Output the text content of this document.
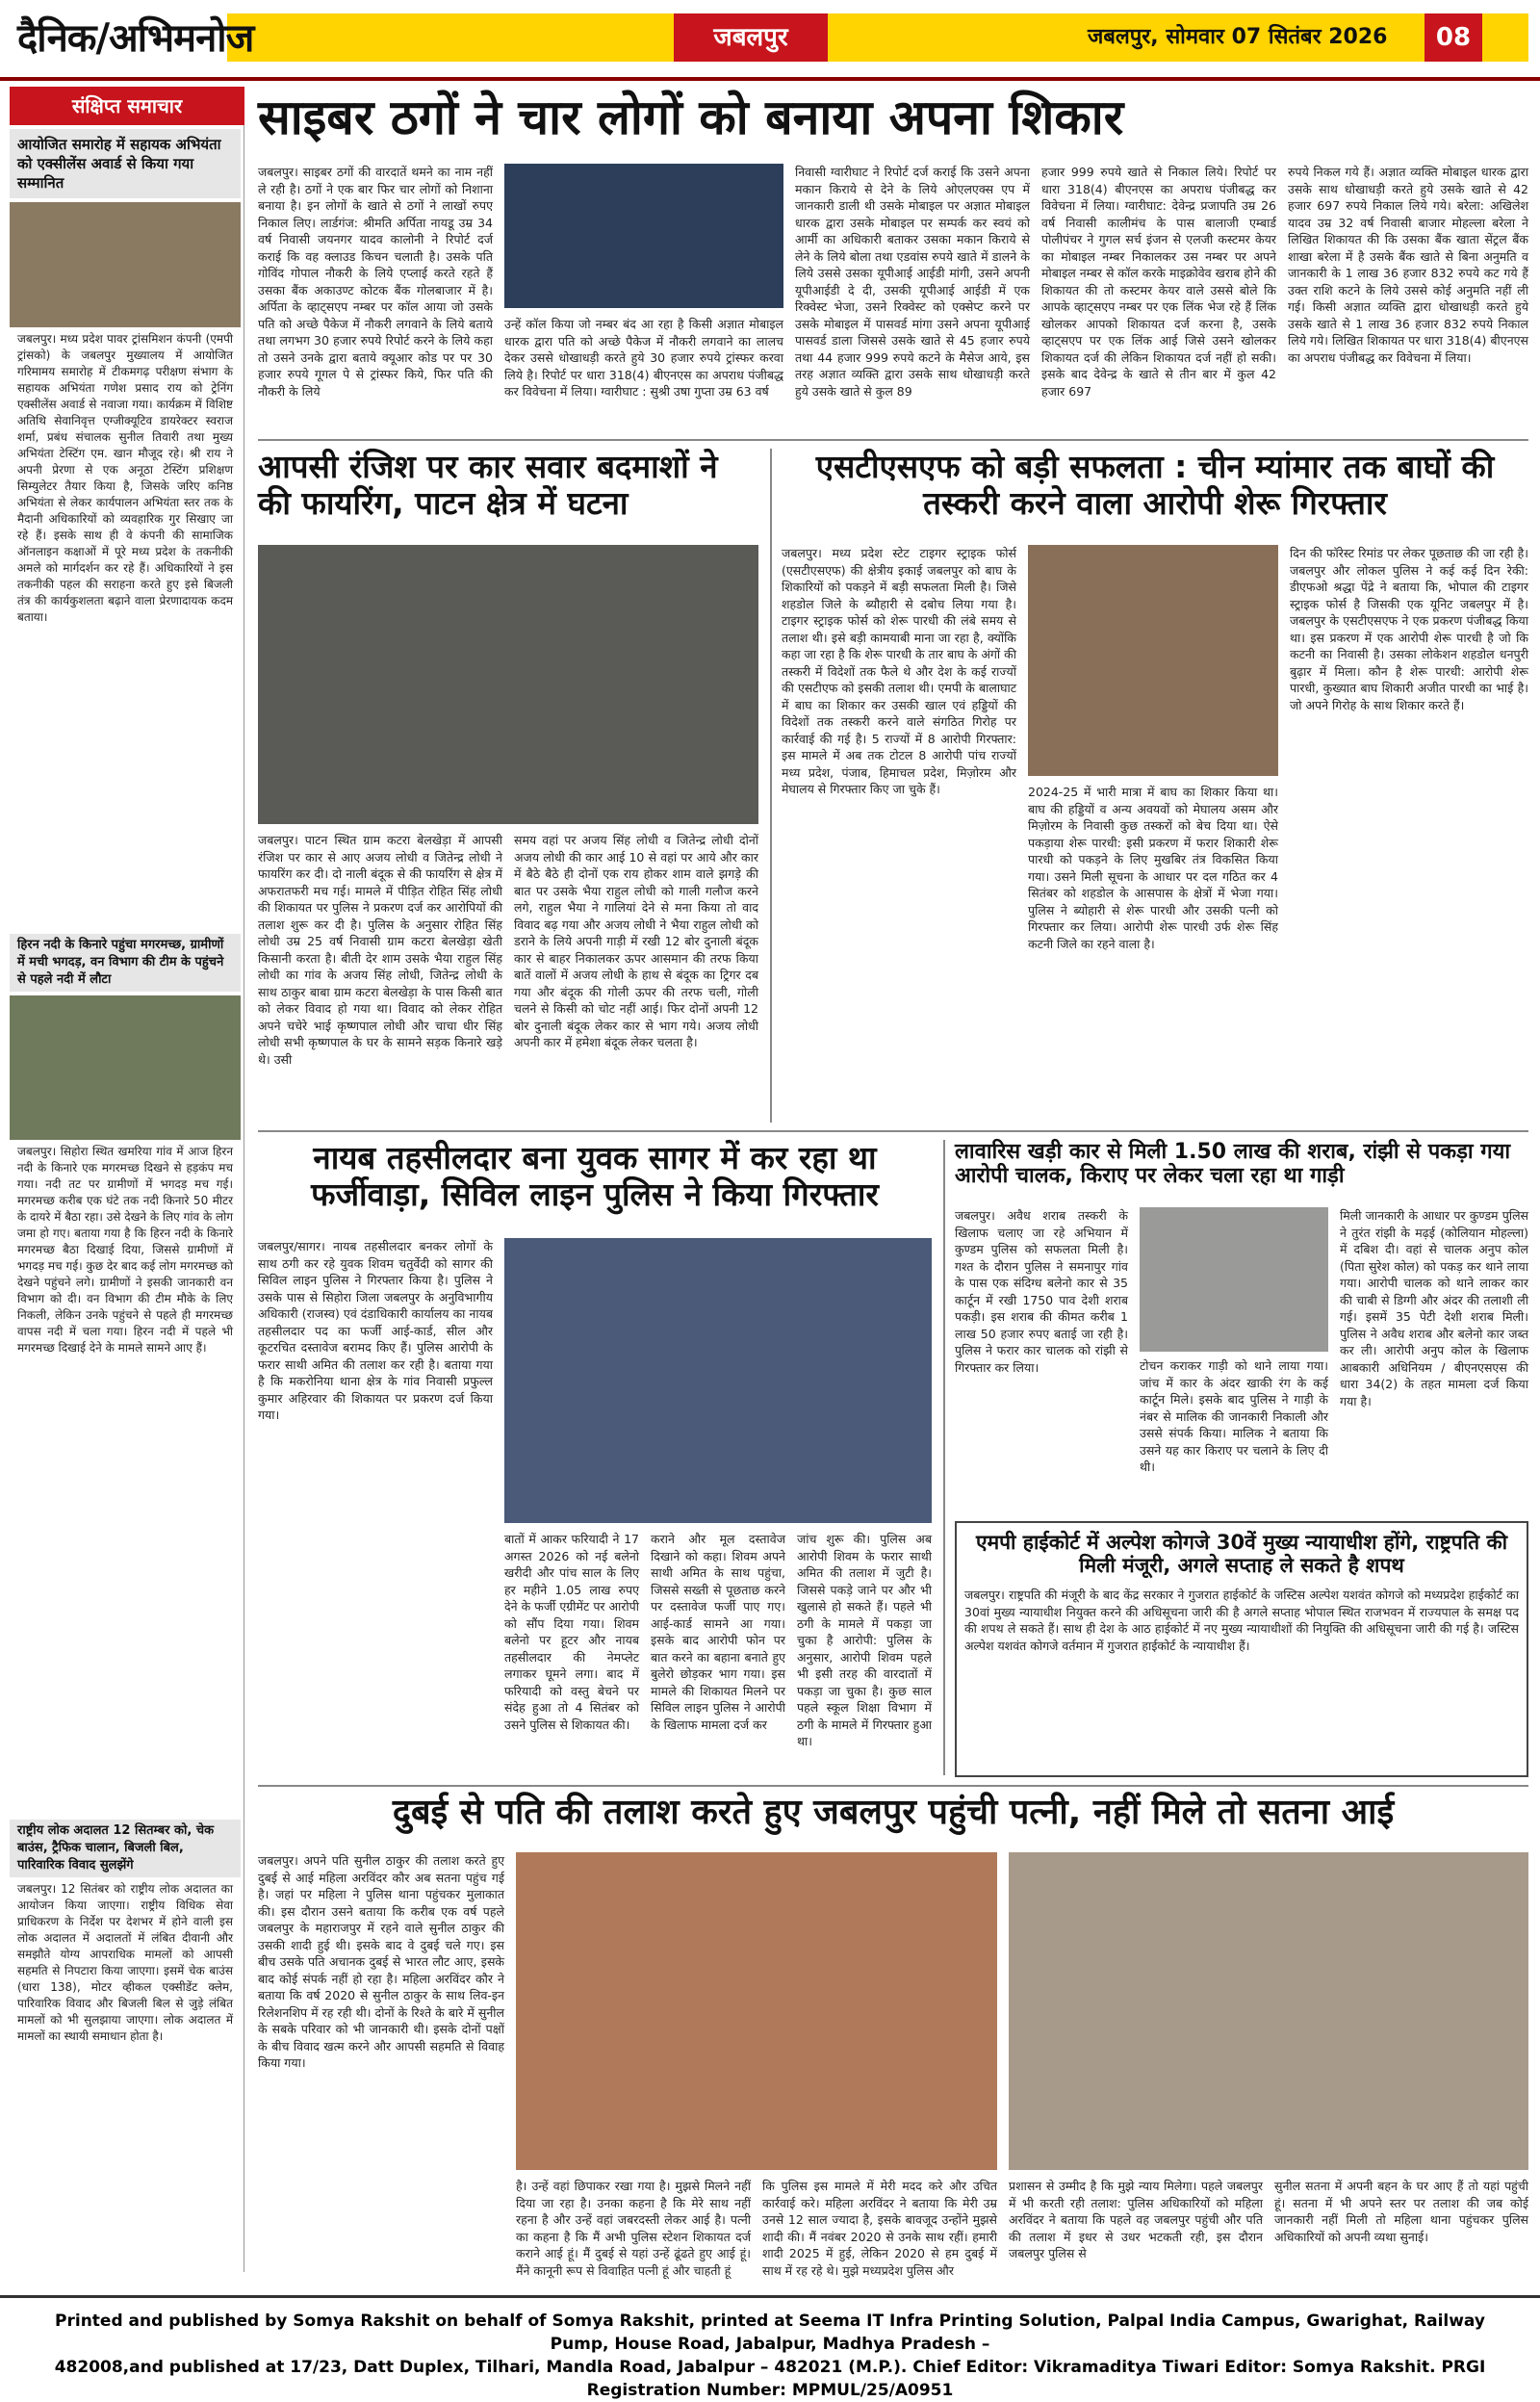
दैनिक/अभिमनोज	जबलपुर	जबलपुर, सोमवार 07 सितंबर 2026	08
संक्षिप्त समाचार
आयोजित समारोह में सहायक अभियंता को एक्सीलेंस अवार्ड से किया गया सम्मानित
जबलपुर। मध्य प्रदेश पावर ट्रांसमिशन कंपनी (एमपी ट्रांसको) के जबलपुर मुख्यालय में आयोजित गरिमामय समारोह में टीकमगढ़ परीक्षण संभाग के सहायक अभियंता गणेश प्रसाद राय को ट्रेनिंग एक्सीलेंस अवार्ड से नवाजा गया। कार्यक्रम में विशिष्ट अतिथि सेवानिवृत्त एग्जीक्यूटिव डायरेक्टर स्वराज शर्मा, प्रबंध संचालक सुनील तिवारी तथा मुख्य अभियंता टेस्टिंग एम. खान मौजूद रहे। श्री राय ने अपनी प्रेरणा से एक अनूठा टेस्टिंग प्रशिक्षण सिम्युलेटर तैयार किया है, जिसके जरिए कनिष्ठ अभियंता से लेकर कार्यपालन अभियंता स्तर तक के मैदानी अधिकारियों को व्यवहारिक गुर सिखाए जा रहे हैं। इसके साथ ही वे कंपनी की सामाजिक ऑनलाइन कक्षाओं में पूरे मध्य प्रदेश के तकनीकी अमले को मार्गदर्शन कर रहे हैं। अधिकारियों ने इस तकनीकी पहल की सराहना करते हुए इसे बिजली तंत्र की कार्यकुशलता बढ़ाने वाला प्रेरणादायक कदम बताया।
हिरन नदी के किनारे पहुंचा मगरमच्छ, ग्रामीणों में मची भगदड़, वन विभाग की टीम के पहुंचने से पहले नदी में लौटा
जबलपुर। सिहोरा स्थित खमरिया गांव में आज हिरन नदी के किनारे एक मगरमच्छ दिखने से हड़कंप मच गया। नदी तट पर ग्रामीणों में भगदड़ मच गई। मगरमच्छ करीब एक घंटे तक नदी किनारे 50 मीटर के दायरे में बैठा रहा। उसे देखने के लिए गांव के लोग जमा हो गए। बताया गया है कि हिरन नदी के किनारे मगरमच्छ बैठा दिखाई दिया, जिससे ग्रामीणों में भगदड़ मच गई। कुछ देर बाद कई लोग मगरमच्छ को देखने पहुंचने लगे। ग्रामीणों ने इसकी जानकारी वन विभाग को दी। वन विभाग की टीम मौके के लिए निकली, लेकिन उनके पहुंचने से पहले ही मगरमच्छ वापस नदी में चला गया। हिरन नदी में पहले भी मगरमच्छ दिखाई देने के मामले सामने आए हैं।
राष्ट्रीय लोक अदालत 12 सितम्बर को, चेक बाउंस, ट्रैफिक चालान, बिजली बिल, पारिवारिक विवाद सुलझेंगे
जबलपुर। 12 सितंबर को राष्ट्रीय लोक अदालत का आयोजन किया जाएगा। राष्ट्रीय विधिक सेवा प्राधिकरण के निर्देश पर देशभर में होने वाली इस लोक अदालत में अदालतों में लंबित दीवानी और समझौते योग्य आपराधिक मामलों को आपसी सहमति से निपटारा किया जाएगा। इसमें चेक बाउंस (धारा 138), मोटर व्हीकल एक्सीडेंट क्लेम, पारिवारिक विवाद और बिजली बिल से जुड़े लंबित मामलों को भी सुलझाया जाएगा। लोक अदालत में मामलों का स्थायी समाधान होता है।
साइबर ठगों ने चार लोगों को बनाया अपना शिकार
जबलपुर। साइबर ठगों की वारदातें थमने का नाम नहीं ले रही है। ठगों ने एक बार फिर चार लोगों को निशाना बनाया है। इन लोगों के खाते से ठगों ने लाखों रुपए निकाल लिए। लार्डगंज: श्रीमति अर्पिता नायडू उम्र 34 वर्ष निवासी जयनगर यादव कालोनी ने रिपोर्ट दर्ज कराई कि वह क्लाउड किचन चलाती है। उसके पति गोविंद गोपाल नौकरी के लिये एप्लाई करते रहते हैं उसका बैंक अकाउण्ट कोटक बैंक गोलबाजार में है। अर्पिता के व्हाट्सएप नम्बर पर कॉल आया जो उसके पति को अच्छे पैकेज में नौकरी लगवाने के लिये बताये तथा लगभग 30 हजार रुपये रिपोर्ट करने के लिये कहा तो उसने उनके द्वारा बताये क्यूआर कोड पर पर 30 हजार रुपये गूगल पे से ट्रांस्फर किये, फिर पति की नौकरी के लिये
उन्हें कॉल किया जो नम्बर बंद आ रहा है किसी अज्ञात मोबाइल धारक द्वारा पति को अच्छे पैकेज में नौकरी लगवाने का लालच देकर उससे धोखाधड़ी करते हुये 30 हजार रुपये ट्रांस्फर करवा लिये है। रिपोर्ट पर धारा 318(4) बीएनएस का अपराध पंजीबद्ध कर विवेचना में लिया। ग्वारीघाट : सुश्री उषा गुप्ता उम्र 63 वर्ष
निवासी ग्वारीघाट ने रिपोर्ट दर्ज कराई कि उसने अपना मकान किराये से देने के लिये ओएलएक्स एप में जानकारी डाली थी उसके मोबाइल पर अज्ञात मोबाइल धारक द्वारा उसके मोबाइल पर सम्पर्क कर स्वयं को आर्मी का अधिकारी बताकर उसका मकान किराये से लेने के लिये बोला तथा एडवांस रुपये खाते में डालने के लिये उससे उसका यूपीआई आईडी मांगी, उसने अपनी यूपीआईडी दे दी, उसकी यूपीआई आईडी में एक रिक्वेस्ट भेजा, उसने रिक्वेस्ट को एक्सेप्ट करने पर उसके मोबाइल में पासवर्ड मांगा उसने अपना यूपीआई पासवर्ड डाला जिससे उसके खाते से 45 हजार रुपये तथा 44 हजार 999 रुपये कटने के मैसेज आये, इस तरह अज्ञात व्यक्ति द्वारा उसके साथ धोखाधड़ी करते हुये उसके खाते से कुल 89
हजार 999 रुपये खाते से निकाल लिये। रिपोर्ट पर धारा 318(4) बीएनएस का अपराध पंजीबद्ध कर विवेचना में लिया। ग्वारीघाट: देवेन्द्र प्रजापति उम्र 26 वर्ष निवासी कालीमंच के पास बालाजी एम्बार्ड पोलीपंचर ने गुगल सर्च इंजन से एलजी कस्टमर केयर का मोबाइल नम्बर निकालकर उस नम्बर पर अपने मोबाइल नम्बर से कॉल करके माइक्रोवेव खराब होने की शिकायत की तो कस्टमर केयर वाले उससे बोले कि आपके व्हाट्सएप नम्बर पर एक लिंक भेज रहे हैं लिंक खोलकर आपको शिकायत दर्ज करना है, उसके व्हाट्सएप पर एक लिंक आई जिसे उसने खोलकर शिकायत दर्ज की लेकिन शिकायत दर्ज नहीं हो सकी। इसके बाद देवेन्द्र के खाते से तीन बार में कुल 42 हजार 697
रुपये निकल गये हैं। अज्ञात व्यक्ति मोबाइल धारक द्वारा उसके साथ धोखाधड़ी करते हुये उसके खाते से 42 हजार 697 रुपये निकाल लिये गये। बरेला: अखिलेश यादव उम्र 32 वर्ष निवासी बाजार मोहल्ला बरेला ने लिखित शिकायत की कि उसका बैंक खाता सेंट्रल बैंक शाखा बरेला में है उसके बैंक खाते से बिना अनुमति व जानकारी के 1 लाख 36 हजार 832 रुपये कट गये हैं उक्त राशि कटने के लिये उससे कोई अनुमति नहीं ली गई। किसी अज्ञात व्यक्ति द्वारा धोखाधड़ी करते हुये उसके खाते से 1 लाख 36 हजार 832 रुपये निकाल लिये गये। लिखित शिकायत पर धारा 318(4) बीएनएस का अपराध पंजीबद्ध कर विवेचना में लिया।
आपसी रंजिश पर कार सवार बदमाशों ने की फायरिंग, पाटन क्षेत्र में घटना
जबलपुर। पाटन स्थित ग्राम कटरा बेलखेड़ा में आपसी रंजिश पर कार से आए अजय लोधी व जितेन्द्र लोधी ने फायरिंग कर दी। दो नाली बंदूक से की फायरिंग से क्षेत्र में अफरातफरी मच गई। मामले में पीड़ित रोहित सिंह लोधी की शिकायत पर पुलिस ने प्रकरण दर्ज कर आरोपियों की तलाश शुरू कर दी है। पुलिस के अनुसार रोहित सिंह लोधी उम्र 25 वर्ष निवासी ग्राम कटरा बेलखेड़ा खेती किसानी करता है। बीती देर शाम उसके भैया राहुल सिंह लोधी का गांव के अजय सिंह लोधी, जितेन्द्र लोधी के साथ ठाकुर बाबा ग्राम कटरा बेलखेड़ा के पास किसी बात को लेकर विवाद हो गया था। विवाद को लेकर रोहित अपने चचेरे भाई कृष्णपाल लोधी और चाचा धीर सिंह लोधी सभी कृष्णपाल के घर के सामने सड़क किनारे खड़े थे। उसी
समय वहां पर अजय सिंह लोधी व जितेन्द्र लोधी दोनों अजय लोधी की कार आई 10 से वहां पर आये और कार में बैठे बैठे ही दोनों एक राय होकर शाम वाले झगड़े की बात पर उसके भैया राहुल लोधी को गाली गलौज करने लगे, राहुल भैया ने गालियां देने से मना किया तो वाद विवाद बढ़ गया और अजय लोधी ने भैया राहुल लोधी को डराने के लिये अपनी गाड़ी में रखी 12 बोर दुनाली बंदूक कार से बाहर निकालकर ऊपर आसमान की तरफ किया बातें वालों में अजय लोधी के हाथ से बंदूक का ट्रिगर दब गया और बंदूक की गोली ऊपर की तरफ चली, गोली चलने से किसी को चोट नहीं आई। फिर दोनों अपनी 12 बोर दुनाली बंदूक लेकर कार से भाग गये। अजय लोधी अपनी कार में हमेशा बंदूक लेकर चलता है।
एसटीएसएफ को बड़ी सफलता : चीन म्यांमार तक बाघों की तस्करी करने वाला आरोपी शेरू गिरफ्तार
जबलपुर। मध्य प्रदेश स्टेट टाइगर स्ट्राइक फोर्स (एसटीएसएफ) की क्षेत्रीय इकाई जबलपुर को बाघ के शिकारियों को पकड़ने में बड़ी सफलता मिली है। जिसे शहडोल जिले के ब्यौहारी से दबोच लिया गया है। टाइगर स्ट्राइक फोर्स को शेरू पारधी की लंबे समय से तलाश थी। इसे बड़ी कामयाबी माना जा रहा है, क्योंकि कहा जा रहा है कि शेरू पारधी के तार बाघ के अंगों की तस्करी में विदेशों तक फैले थे और देश के कई राज्यों की एसटीएफ को इसकी तलाश थी। एमपी के बालाघाट में बाघ का शिकार कर उसकी खाल एवं हड्डियों की विदेशों तक तस्करी करने वाले संगठित गिरोह पर कार्रवाई की गई है। 5 राज्यों में 8 आरोपी गिरफ्तार: इस मामले में अब तक टोटल 8 आरोपी पांच राज्यों मध्य प्रदेश, पंजाब, हिमाचल प्रदेश, मिज़ोरम और मेघालय से गिरफ्तार किए जा चुके हैं।	2024-25 में भारी मात्रा में बाघ का शिकार किया था। बाघ की हड्डियों व अन्य अवयवों को मेघालय असम और मिज़ोरम के निवासी कुछ तस्करों को बेच दिया था। ऐसे पकड़ाया शेरू पारधी: इसी प्रकरण में फरार शिकारी शेरू पारधी को पकड़ने के लिए मुखबिर तंत्र विकसित किया गया। उसने मिली सूचना के आधार पर दल गठित कर 4 सितंबर को शहडोल के आसपास के क्षेत्रों में भेजा गया। पुलिस ने ब्योहारी से शेरू पारधी और उसकी पत्नी को गिरफ्तार कर लिया। आरोपी शेरू पारधी उर्फ शेरू सिंह कटनी जिले का रहने वाला है।
दिन की फॉरेस्ट रिमांड पर लेकर पूछताछ की जा रही है। जबलपुर और लोकल पुलिस ने कई कई दिन रेकी: डीएफओ श्रद्धा पेंद्रे ने बताया कि, भोपाल की टाइगर स्ट्राइक फोर्स है जिसकी एक यूनिट जबलपुर में है। जबलपुर के एसटीएसएफ ने एक प्रकरण पंजीबद्ध किया था। इस प्रकरण में एक आरोपी शेरू पारधी है जो कि कटनी का निवासी है। उसका लोकेशन शहडोल धनपुरी बुढ़ार में मिला। कौन है शेरू पारधी: आरोपी शेरू पारधी, कुख्यात बाघ शिकारी अजीत पारधी का भाई है। जो अपने गिरोह के साथ शिकार करते हैं।
नायब तहसीलदार बना युवक सागर में कर रहा था फर्जीवाड़ा, सिविल लाइन पुलिस ने किया गिरफ्तार
जबलपुर/सागर। नायब तहसीलदार बनकर लोगों के साथ ठगी कर रहे युवक शिवम चतुर्वेदी को सागर की सिविल लाइन पुलिस ने गिरफ्तार किया है। पुलिस ने उसके पास से सिहोरा जिला जबलपुर के अनुविभागीय अधिकारी (राजस्व) एवं दंडाधिकारी कार्यालय का नायब तहसीलदार पद का फर्जी आई-कार्ड, सील और कूटरचित दस्तावेज बरामद किए हैं। पुलिस आरोपी के फरार साथी अमित की तलाश कर रही है। बताया गया है कि मकरोनिया थाना क्षेत्र के गांव निवासी प्रफुल्ल कुमार अहिरवार की शिकायत पर प्रकरण दर्ज किया गया।
बातों में आकर फरियादी ने 17 अगस्त 2026 को नई बलेनो खरीदी और पांच साल के लिए हर महीने 1.05 लाख रुपए देने के फर्जी एग्रीमेंट पर आरोपी को सौंप दिया गया। शिवम बलेनो पर हूटर और नायब तहसीलदार की नेमप्लेट लगाकर घूमने लगा। बाद में फरियादी को वस्तु बेचने पर संदेह हुआ तो 4 सितंबर को उसने पुलिस से शिकायत की।
कराने और मूल दस्तावेज दिखाने को कहा। शिवम अपने साथी अमित के साथ पहुंचा, जिससे सख्ती से पूछताछ करने पर दस्तावेज फर्जी पाए गए। आई-कार्ड सामने आ गया। इसके बाद आरोपी फोन पर बात करने का बहाना बनाते हुए बुलेरो छोड़कर भाग गया। इस मामले की शिकायत मिलने पर सिविल लाइन पुलिस ने आरोपी के खिलाफ मामला दर्ज कर
जांच शुरू की। पुलिस अब आरोपी शिवम के फरार साथी अमित की तलाश में जुटी है। जिससे पकड़े जाने पर और भी खुलासे हो सकते हैं। पहले भी ठगी के मामले में पकड़ा जा चुका है आरोपी: पुलिस के अनुसार, आरोपी शिवम पहले भी इसी तरह की वारदातों में पकड़ा जा चुका है। कुछ साल पहले स्कूल शिक्षा विभाग में ठगी के मामले में गिरफ्तार हुआ था।
लावारिस खड़ी कार से मिली 1.50 लाख की शराब, रांझी से पकड़ा गया आरोपी चालक, किराए पर लेकर चला रहा था गाड़ी
जबलपुर। अवैध शराब तस्करी के खिलाफ चलाए जा रहे अभियान में कुण्डम पुलिस को सफलता मिली है। गश्त के दौरान पुलिस ने समनापुर गांव के पास एक संदिग्ध बलेनो कार से 35 कार्टून में रखी 1750 पाव देशी शराब पकड़ी। इस शराब की कीमत करीब 1 लाख 50 हजार रुपए बताई जा रही है। पुलिस ने फरार कार चालक को रांझी से गिरफ्तार कर लिया।	टोचन कराकर गाड़ी को थाने लाया गया। जांच में कार के अंदर खाकी रंग के कई कार्टून मिले। इसके बाद पुलिस ने गाड़ी के नंबर से मालिक की जानकारी निकाली और उससे संपर्क किया। मालिक ने बताया कि उसने यह कार किराए पर चलाने के लिए दी थी।
मिली जानकारी के आधार पर कुण्डम पुलिस ने तुरंत रांझी के मढ़ई (कोलियान मोहल्ला) में दबिश दी। वहां से चालक अनुप कोल (पिता सुरेश कोल) को पकड़ कर थाने लाया गया। आरोपी चालक को थाने लाकर कार की चाबी से डिग्गी और अंदर की तलाशी ली गई। इसमें 35 पेटी देशी शराब मिली। पुलिस ने अवैध शराब और बलेनो कार जब्त कर ली। आरोपी अनुप कोल के खिलाफ आबकारी अधिनियम / बीएनएसएस की धारा 34(2) के तहत मामला दर्ज किया गया है।
एमपी हाईकोर्ट में अल्पेश कोगजे 30वें मुख्य न्यायाधीश होंगे, राष्ट्रपति की मिली मंजूरी, अगले सप्ताह ले सकते है शपथ
जबलपुर। राष्ट्रपति की मंजूरी के बाद केंद्र सरकार ने गुजरात हाईकोर्ट के जस्टिस अल्पेश यशवंत कोगजे को मध्यप्रदेश हाईकोर्ट का 30वां मुख्य न्यायाधीश नियुक्त करने की अधिसूचना जारी की है अगले सप्ताह भोपाल स्थित राजभवन में राज्यपाल के समक्ष पद की शपथ ले सकते हैं। साथ ही देश के आठ हाईकोर्ट में नए मुख्य न्यायाधीशों की नियुक्ति की अधिसूचना जारी की गई है। जस्टिस अल्पेश यशवंत कोगजे वर्तमान में गुजरात हाईकोर्ट के न्यायाधीश हैं।
दुबई से पति की तलाश करते हुए जबलपुर पहुंची पत्नी, नहीं मिले तो सतना आई
जबलपुर। अपने पति सुनील ठाकुर की तलाश करते हुए दुबई से आई महिला अरविंदर कौर अब सतना पहुंच गई है। जहां पर महिला ने पुलिस थाना पहुंचकर मुलाकात की। इस दौरान उसने बताया कि करीब एक वर्ष पहले जबलपुर के महाराजपुर में रहने वाले सुनील ठाकुर की उसकी शादी हुई थी। इसके बाद वे दुबई चले गए। इस बीच उसके पति अचानक दुबई से भारत लौट आए, इसके बाद कोई संपर्क नहीं हो रहा है। महिला अरविंदर कौर ने बताया कि वर्ष 2020 से सुनील ठाकुर के साथ लिव-इन रिलेशनशिप में रह रही थी। दोनों के रिश्ते के बारे में सुनील के सबके परिवार को भी जानकारी थी। इसके दोनों पक्षों के बीच विवाद खत्म करने और आपसी सहमति से विवाह किया गया।
है। उन्हें वहां छिपाकर रखा गया है। मुझसे मिलने नहीं दिया जा रहा है। उनका कहना है कि मेरे साथ नहीं रहना है और उन्हें वहां जबरदस्ती लेकर आई है। पत्नी का कहना है कि मैं अभी पुलिस स्टेशन शिकायत दर्ज कराने आई हूं। मैं दुबई से यहां उन्हें ढूंढते हुए आई हूं। मैंने कानूनी रूप से विवाहित पत्नी हूं और चाहती हूं
कि पुलिस इस मामले में मेरी मदद करे और उचित कार्रवाई करे। महिला अरविंदर ने बताया कि मेरी उम्र उनसे 12 साल ज्यादा है, इसके बावजूद उन्होंने मुझसे शादी की। मैं नवंबर 2020 से उनके साथ रहीं। हमारी शादी 2025 में हुई, लेकिन 2020 से हम दुबई में साथ में रह रहे थे। मुझे मध्यप्रदेश पुलिस और
प्रशासन से उम्मीद है कि मुझे न्याय मिलेगा। पहले जबलपुर में भी करती रही तलाश: पुलिस अधिकारियों को महिला अरविंदर ने बताया कि पहले वह जबलपुर पहुंची और पति की तलाश में इधर से उधर भटकती रही, इस दौरान जबलपुर पुलिस से
सुनील सतना में अपनी बहन के घर आए हैं तो यहां पहुंची हूं। सतना में भी अपने स्तर पर तलाश की जब कोई जानकारी नहीं मिली तो महिला थाना पहुंचकर पुलिस अधिकारियों को अपनी व्यथा सुनाई।
Printed and published by Somya Rakshit on behalf of Somya Rakshit, printed at Seema IT Infra Printing Solution, Palpal India Campus, Gwarighat, Railway Pump, House Road, Jabalpur, Madhya Pradesh –
482008,and published at 17/23, Datt Duplex, Tilhari, Mandla Road, Jabalpur – 482021 (M.P.). Chief Editor: Vikramaditya Tiwari Editor: Somya Rakshit. PRGI Registration Number: MPMUL/25/A0951
